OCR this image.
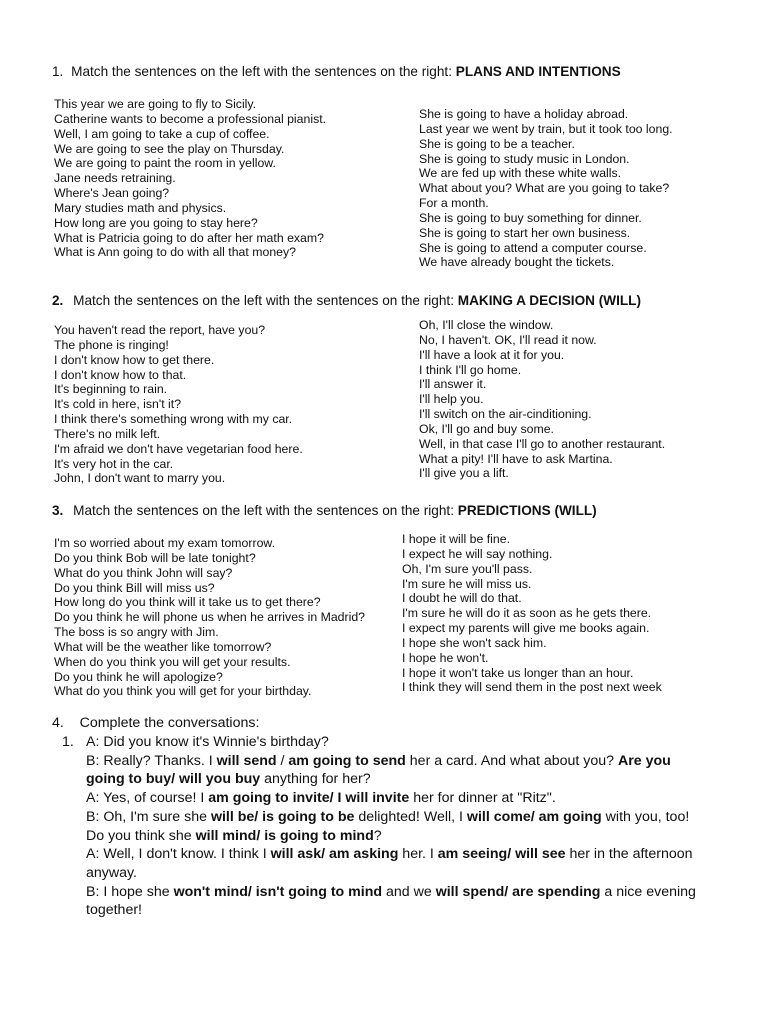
1. Match the sentences on the left with the sentences on the right: PLANS AND INTENTIONS
This year we are going to fly to Sicily.
Catherine wants to become a professional pianist.
Well, I am going to take a cup of coffee.
We are going to see the play on Thursday.
We are going to paint the room in yellow.
Jane needs retraining.
Where's Jean going?
Mary studies math and physics.
How long are you going to stay here?
What is Patricia going to do after her math exam?
What is Ann going to do with all that money?
She is going to have a holiday abroad.
Last year we went by train, but it took too long.
She is going to be a teacher.
She is going to study music in London.
We are fed up with these white walls.
What about you? What are you going to take?
For a month.
She is going to buy something for dinner.
She is going to start her own business.
She is going to attend a computer course.
We have already bought the tickets.
2. Match the sentences on the left with the sentences on the right: MAKING A DECISION (WILL)
You haven't read the report, have you?
The phone is ringing!
I don't know how to get there.
I don't know how to that.
It's beginning to rain.
It's cold in here, isn't it?
I think there's something wrong with my car.
There's no milk left.
I'm afraid we don't have vegetarian food here.
It's very hot in the car.
John, I don't want to marry you.
Oh, I'll close the window.
No, I haven't. OK, I'll read it now.
I'll have a look at it for you.
I think I'll go home.
I'll answer it.
I'll help you.
I'll switch on the air-cinditioning.
Ok, I'll go and buy some.
Well, in that case I'll go to another restaurant.
What a pity! I'll have to ask Martina.
I'll give you a lift.
3. Match the sentences on the left with the sentences on the right: PREDICTIONS (WILL)
I'm so worried about my exam tomorrow.
Do you think Bob will be late tonight?
What do you think John will say?
Do you think Bill will miss us?
How long do you think will it take us to get there?
Do you think he will phone us when he arrives in Madrid?
The boss is so angry with Jim.
What will be the weather like tomorrow?
When do you think you will get your results.
Do you think he will apologize?
What do you think you will get for your birthday.
I hope it will be fine.
I expect he will say nothing.
Oh, I'm sure you'll pass.
I'm sure he will miss us.
I doubt he will do that.
I'm sure he will do it as soon as he gets there.
I expect my parents will give me books again.
I hope she won't sack him.
I hope he won't.
I hope it won't take us longer than an hour.
I think they will send them in the post next week
4.    Complete the conversations:
1. A: Did you know it's Winnie's birthday?

B: Really? Thanks. I will send / am going to send her a card. And what about you? Are you going to buy/ will you buy anything for her?

A: Yes, of course! I am going to invite/ I will invite her for dinner at "Ritz".

B: Oh, I'm sure she will be/ is going to be delighted! Well, I will come/ am going with you, too! Do you think she will mind/ is going to mind?

A: Well, I don't know. I think I will ask/ am asking her. I am seeing/ will see her in the afternoon anyway.

B: I hope she won't mind/ isn't going to mind and we will spend/ are spending a nice evening together!
